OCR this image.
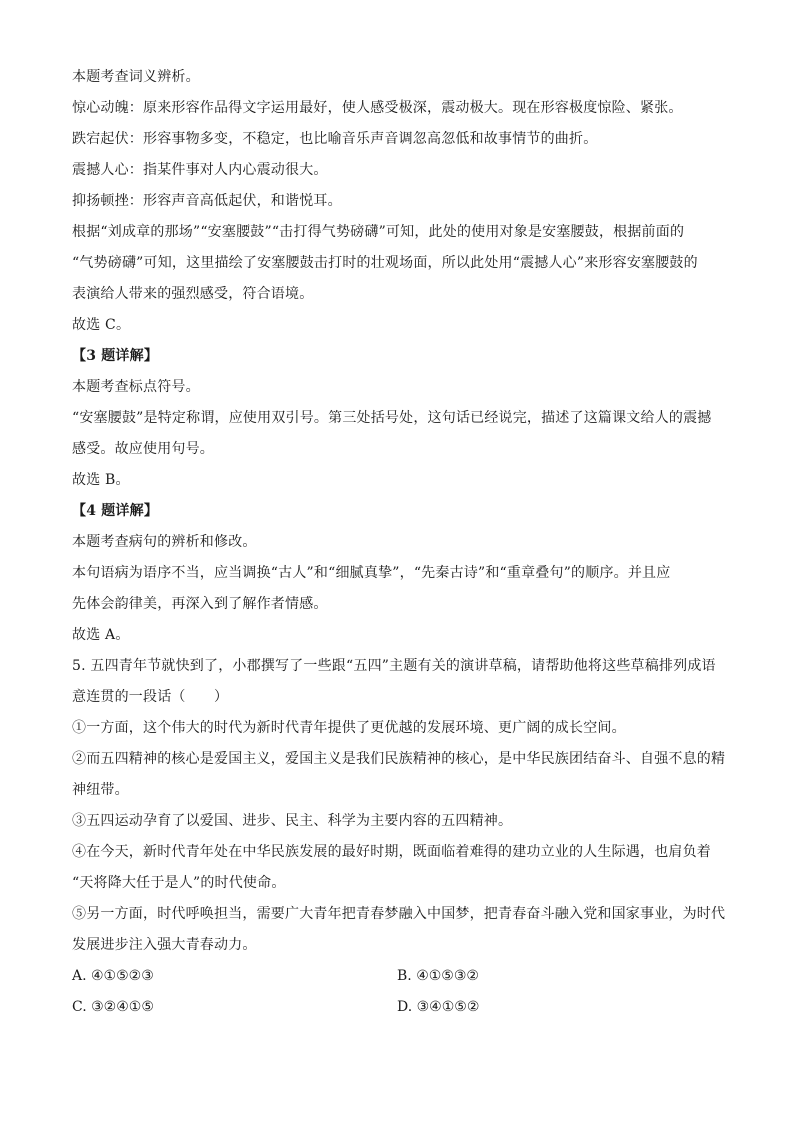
本题考查词义辨析。
惊心动魄：原来形容作品得文字运用最好，使人感受极深，震动极大。现在形容极度惊险、紧张。
跌宕起伏：形容事物多变，不稳定，也比喻音乐声音调忽高忽低和故事情节的曲折。
震撼人心：指某件事对人内心震动很大。
抑扬顿挫：形容声音高低起伏，和谐悦耳。
根据“刘成章的那场”“安塞腰鼓”“击打得气势磅礴”可知，此处的使用对象是安塞腰鼓，根据前面的
“气势磅礴”可知，这里描绘了安塞腰鼓击打时的壮观场面，所以此处用“震撼人心”来形容安塞腰鼓的
表演给人带来的强烈感受，符合语境。
故选 C。
【3 题详解】
本题考查标点符号。
“安塞腰鼓”是特定称谓，应使用双引号。第三处括号处，这句话已经说完，描述了这篇课文给人的震撼
感受。故应使用句号。
故选 B。
【4 题详解】
本题考查病句的辨析和修改。
本句语病为语序不当，应当调换“古人”和“细腻真挚”，“先秦古诗”和“重章叠句”的顺序。并且应
先体会韵律美，再深入到了解作者情感。
故选 A。
5. 五四青年节就快到了，小郡撰写了一些跟“五四”主题有关的演讲草稿，请帮助他将这些草稿排列成语
意连贯的一段话（　　）
①一方面，这个伟大的时代为新时代青年提供了更优越的发展环境、更广阔的成长空间。
②而五四精神的核心是爱国主义，爱国主义是我们民族精神的核心，是中华民族团结奋斗、自强不息的精
神纽带。
③五四运动孕育了以爱国、进步、民主、科学为主要内容的五四精神。
④在今天，新时代青年处在中华民族发展的最好时期，既面临着难得的建功立业的人生际遇，也肩负着
“天将降大任于是人”的时代使命。
⑤另一方面，时代呼唤担当，需要广大青年把青春梦融入中国梦，把青春奋斗融入党和国家事业，为时代
发展进步注入强大青春动力。
A. ④①⑤②③	B. ④①⑤③②
C. ③②④①⑤	D. ③④①⑤②
